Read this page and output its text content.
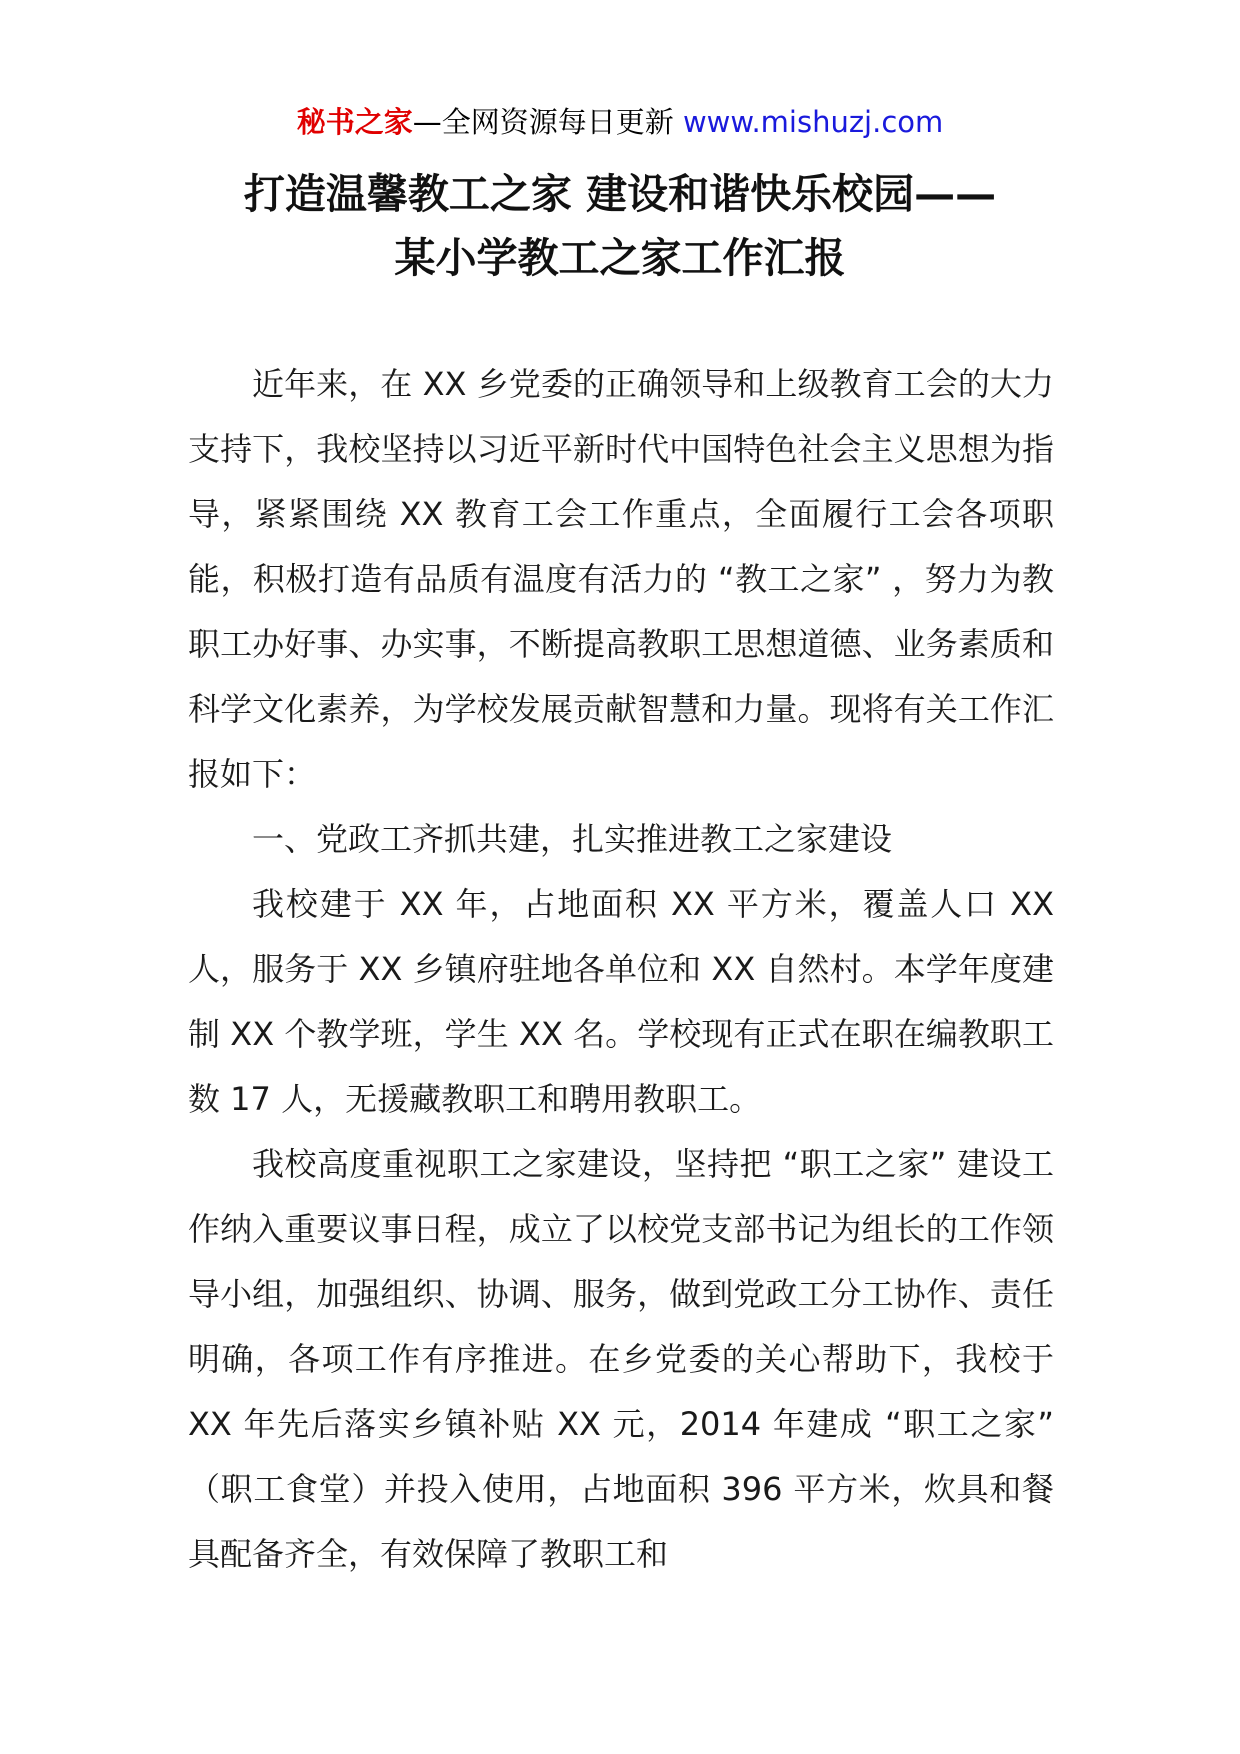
秘书之家—全网资源每日更新 www.mishuzj.com
打造温馨教工之家 建设和谐快乐校园——
某小学教工之家工作汇报

近年来，在 XX 乡党委的正确领导和上级教育工会的大力支持下，我校坚持以习近平新时代中国特色社会主义思想为指导，紧紧围绕 XX 教育工会工作重点，全面履行工会各项职能，积极打造有品质有温度有活力的 “教工之家” ，努力为教职工办好事、办实事，不断提高教职工思想道德、业务素质和科学文化素养，为学校发展贡献智慧和力量。现将有关工作汇报如下：

一、党政工齐抓共建，扎实推进教工之家建设

我校建于 XX 年，占地面积 XX 平方米，覆盖人口 XX 人，服务于 XX 乡镇府驻地各单位和 XX 自然村。本学年度建制 XX 个教学班，学生 XX 名。学校现有正式在职在编教职工数 17 人，无援藏教职工和聘用教职工。

我校高度重视职工之家建设，坚持把 “职工之家” 建设工作纳入重要议事日程，成立了以校党支部书记为组长的工作领导小组，加强组织、协调、服务，做到党政工分工协作、责任明确，各项工作有序推进。在乡党委的关心帮助下，我校于 XX 年先后落实乡镇补贴 XX 元，2014 年建成 “职工之家” （职工食堂）并投入使用，占地面积 396 平方米，炊具和餐具配备齐全，有效保障了教职工和
